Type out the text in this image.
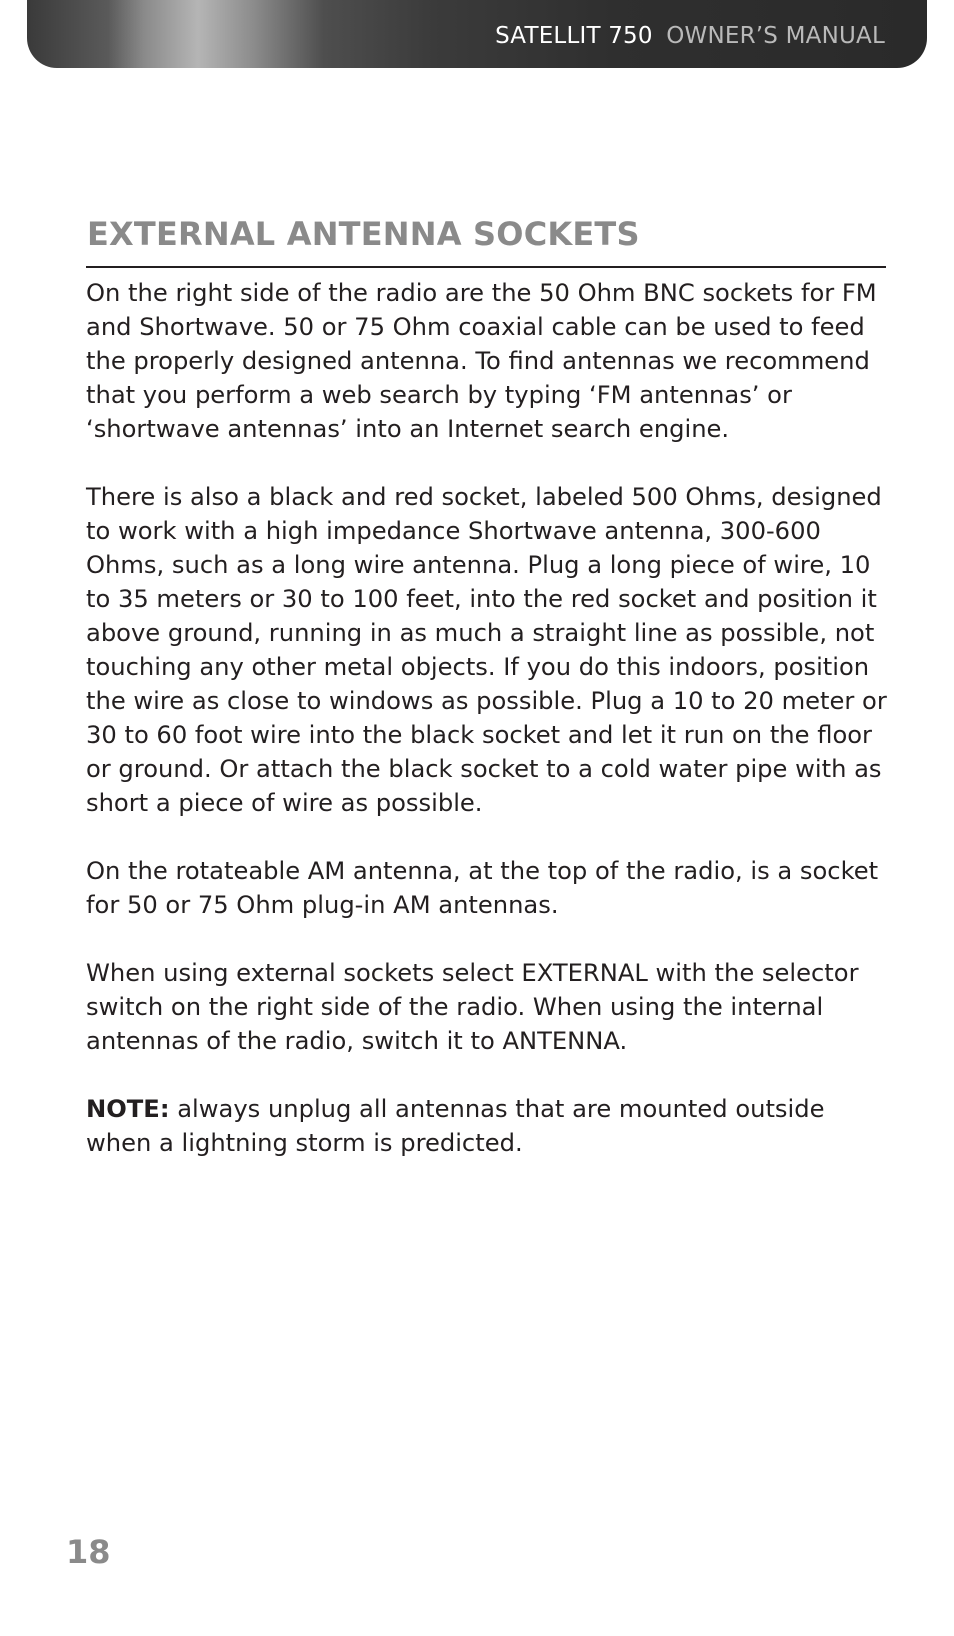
SATELLIT 750 OWNER’S MANUAL
EXTERNAL ANTENNA SOCKETS

On the right side of the radio are the 50 Ohm BNC sockets for FM and Shortwave. 50 or 75 Ohm coaxial cable can be used to feed the properly designed antenna. To find antennas we recommend that you perform a web search by typing ‘FM antennas’ or ‘shortwave antennas’ into an Internet search engine.

There is also a black and red socket, labeled 500 Ohms, designed to work with a high impedance Shortwave antenna, 300-600 Ohms, such as a long wire antenna. Plug a long piece of wire, 10 to 35 meters or 30 to 100 feet, into the red socket and position it above ground, running in as much a straight line as possible, not touching any other metal objects. If you do this indoors, position the wire as close to windows as possible. Plug a 10 to 20 meter or 30 to 60 foot wire into the black socket and let it run on the floor or ground. Or attach the black socket to a cold water pipe with as short a piece of wire as possible.

On the rotateable AM antenna, at the top of the radio, is a socket for 50 or 75 Ohm plug-in AM antennas.

When using external sockets select EXTERNAL with the selector switch on the right side of the radio. When using the internal antennas of the radio, switch it to ANTENNA.

NOTE: always unplug all antennas that are mounted outside when a lightning storm is predicted.

18
